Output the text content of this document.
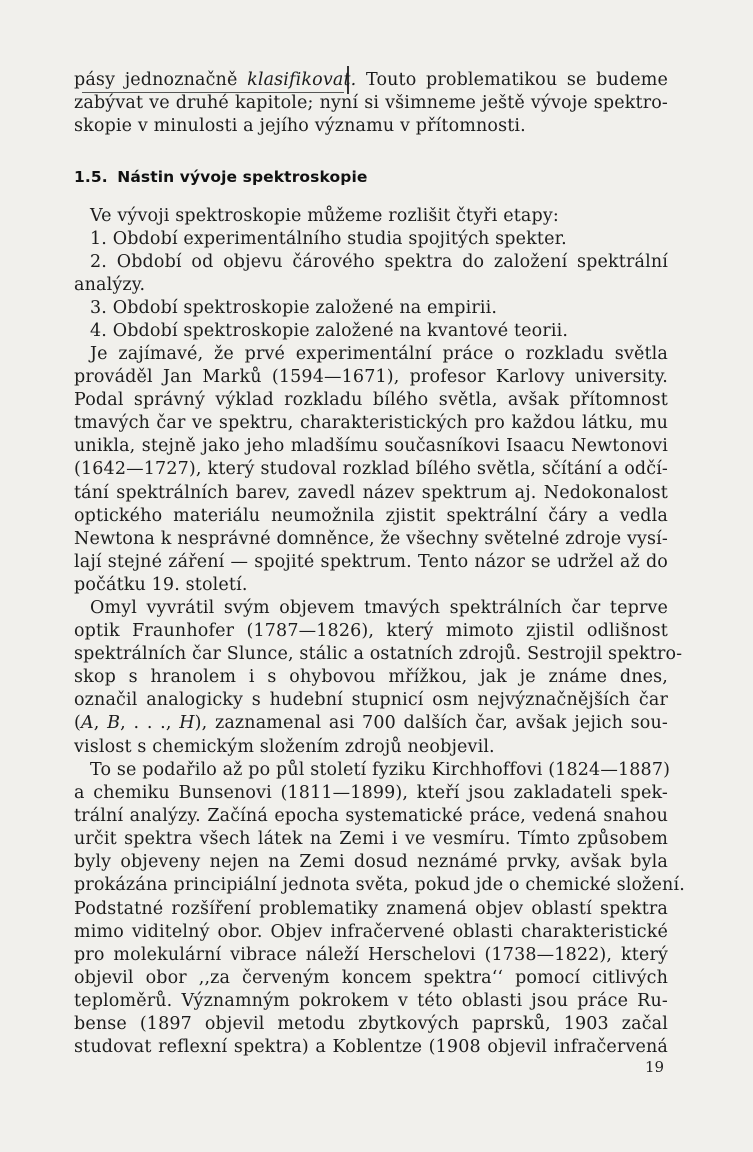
pásy jednoznačně klasifikovat. Touto problematikou se budeme
zabývat ve druhé kapitole; nyní si všimneme ještě vývoje spektro-
skopie v minulosti a jejího významu v přítomnosti.
1.5. Nástin vývoje spektroskopie
Ve vývoji spektroskopie můžeme rozlišit čtyři etapy:
1. Období experimentálního studia spojitých spekter.
2. Období od objevu čárového spektra do založení spektrální
analýzy.
3. Období spektroskopie založené na empirii.
4. Období spektroskopie založené na kvantové teorii.
Je zajímavé, že prvé experimentální práce o rozkladu světla
prováděl Jan Marků (1594—1671), profesor Karlovy university.
Podal správný výklad rozkladu bílého světla, avšak přítomnost
tmavých čar ve spektru, charakteristických pro každou látku, mu
unikla, stejně jako jeho mladšímu současníkovi Isaacu Newtonovi
(1642—1727), který studoval rozklad bílého světla, sčítání a odčí-
tání spektrálních barev, zavedl název spektrum aj. Nedokonalost
optického materiálu neumožnila zjistit spektrální čáry a vedla
Newtona k nesprávné domněnce, že všechny světelné zdroje vysí-
lají stejné záření — spojité spektrum. Tento názor se udržel až do
počátku 19. století.
Omyl vyvrátil svým objevem tmavých spektrálních čar teprve
optik Fraunhofer (1787—1826), který mimoto zjistil odlišnost
spektrálních čar Slunce, stálic a ostatních zdrojů. Sestrojil spektro-
skop s hranolem i s ohybovou mřížkou, jak je známe dnes,
označil analogicky s hudební stupnicí osm nejvýznačnějších čar
(A, B, . . ., H), zaznamenal asi 700 dalších čar, avšak jejich sou-
vislost s chemickým složením zdrojů neobjevil.
To se podařilo až po půl století fyziku Kirchhoffovi (1824—1887)
a chemiku Bunsenovi (1811—1899), kteří jsou zakladateli spek-
trální analýzy. Začíná epocha systematické práce, vedená snahou
určit spektra všech látek na Zemi i ve vesmíru. Tímto způsobem
byly objeveny nejen na Zemi dosud neznámé prvky, avšak byla
prokázána principiální jednota světa, pokud jde o chemické složení.
Podstatné rozšíření problematiky znamená objev oblastí spektra
mimo viditelný obor. Objev infračervené oblasti charakteristické
pro molekulární vibrace náleží Herschelovi (1738—1822), který
objevil obor ,,za červeným koncem spektra‘‘ pomocí citlivých
teploměrů. Významným pokrokem v této oblasti jsou práce Ru-
bense (1897 objevil metodu zbytkových paprsků, 1903 začal
studovat reflexní spektra) a Koblentze (1908 objevil infračervená
19
